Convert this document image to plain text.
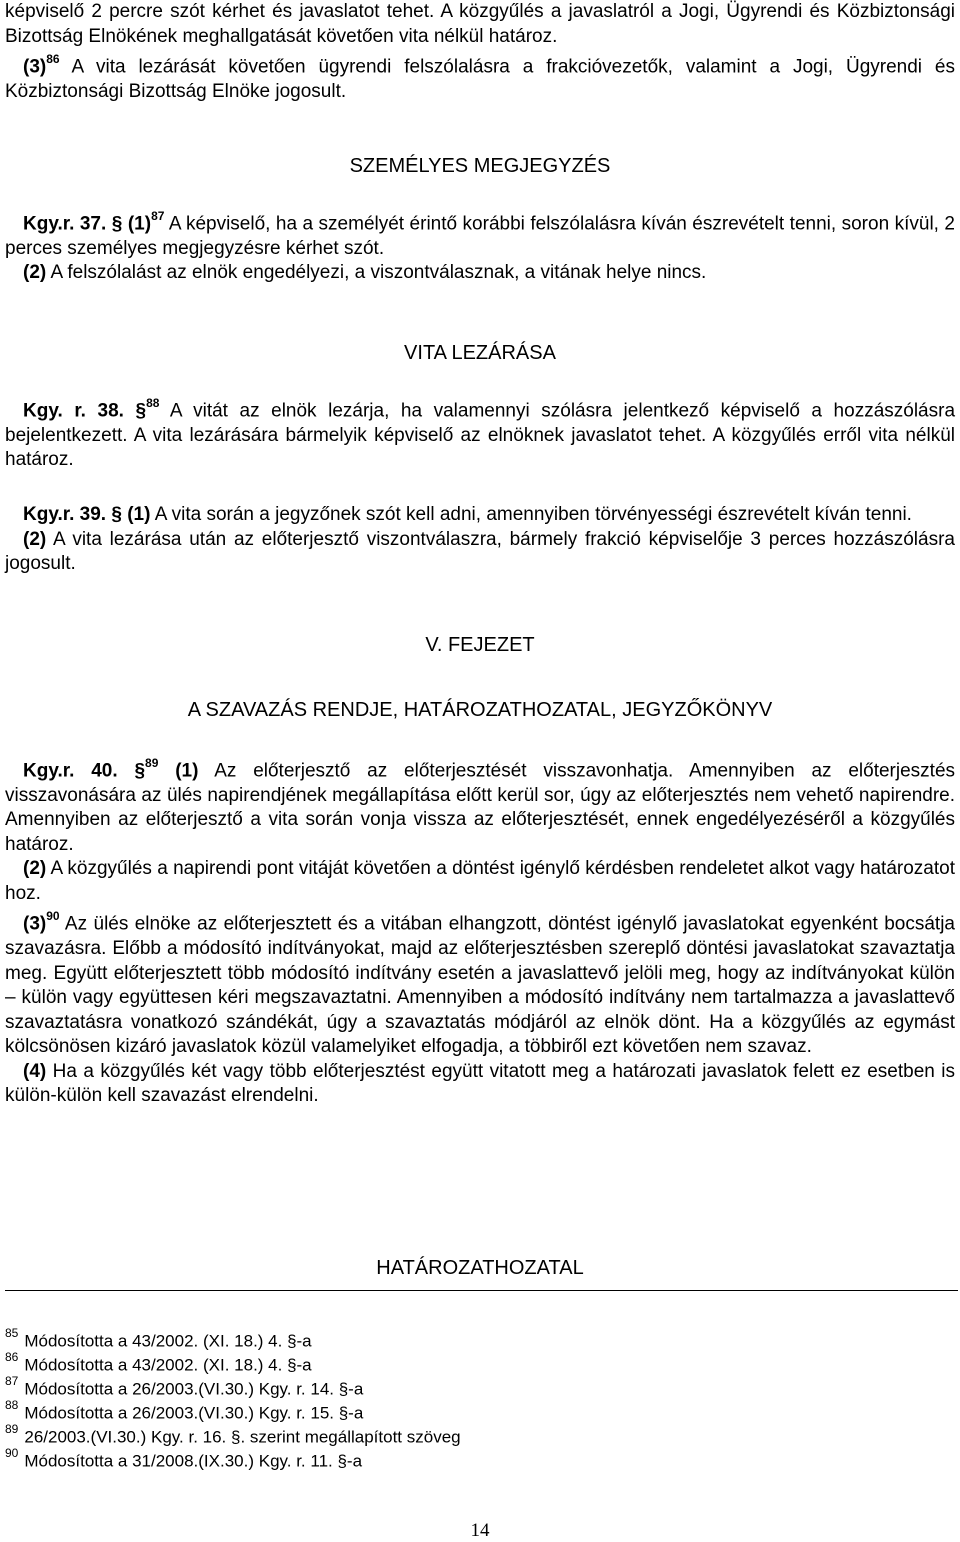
képviselő 2 percre szót kérhet és javaslatot tehet. A közgyűlés a javaslatról a Jogi, Ügyrendi és Közbiztonsági Bizottság Elnökének meghallgatását követően vita nélkül határoz.

$(3)^{86}$ A vita lezárását követően ügyrendi felszólalásra a frakcióvezetők, valamint a Jogi, Ügyrendi és Közbiztonsági Bizottság Elnöke jogosult.

SZEMÉLYES MEGJEGYZÉS

Kgy.r. 37. § $(1)^{87}$ A képviselő, ha a személyét érintő korábbi felszólalásra kíván észrevételt tenni, soron kívül, 2 perces személyes megjegyzésre kérhet szót.

(2) A felszólalást az elnök engedélyezi, a viszontválasznak, a vitának helye nincs.

VITA LEZÁRÁSA

Kgy. r. 38. §$^{88}$ A vitát az elnök lezárja, ha valamennyi szólásra jelentkező képviselő a hozzászólásra bejelentkezett. A vita lezárására bármelyik képviselő az elnöknek javaslatot tehet. A közgyűlés erről vita nélkül határoz.

Kgy.r. 39. § (1) A vita során a jegyzőnek szót kell adni, amennyiben törvényességi észrevételt kíván tenni.

(2) A vita lezárása után az előterjesztő viszontválaszra, bármely frakció képviselője 3 perces hozzászólásra jogosult.

V. FEJEZET
A SZAVAZÁS RENDJE, HATÁROZATHOZATAL, JEGYZŐKÖNYV

Kgy.r. 40. §$^{89}$ (1) Az előterjesztő az előterjesztését visszavonhatja. Amennyiben az előterjesztés visszavonására az ülés napirendjének megállapítása előtt kerül sor, úgy az előterjesztés nem vehető napirendre. Amennyiben az előterjesztő a vita során vonja vissza az előterjesztését, ennek engedélyezéséről a közgyűlés határoz.

(2) A közgyűlés a napirendi pont vitáját követően a döntést igénylő kérdésben rendeletet alkot vagy határozatot hoz.

$(3)^{90}$ Az ülés elnöke az előterjesztett és a vitában elhangzott, döntést igénylő javaslatokat egyenként bocsátja szavazásra. Előbb a módosító indítványokat, majd az előterjesztésben szereplő döntési javaslatokat szavaztatja meg. Együtt előterjesztett több módosító indítvány esetén a javaslattevő jelöli meg, hogy az indítványokat külön – külön vagy együttesen kéri megszavaztatni. Amennyiben a módosító indítvány nem tartalmazza a javaslattevő szavaztatásra vonatkozó szándékát, úgy a szavaztatás módjáról az elnök dönt. Ha a közgyűlés az egymást kölcsönösen kizáró javaslatok közül valamelyiket elfogadja, a többiről ezt követően nem szavaz.

(4) Ha a közgyűlés két vagy több előterjesztést együtt vitatott meg a határozati javaslatok felett ez esetben is külön-külön kell szavazást elrendelni.

HATÁROZATHOZATAL
$^{85}$ Módosította a 43/2002. (XI. 18.) 4. §-a
$^{86}$ Módosította a 43/2002. (XI. 18.) 4. §-a
$^{87}$ Módosította a 26/2003.(VI.30.) Kgy. r. 14. §-a
$^{88}$ Módosította a 26/2003.(VI.30.) Kgy. r. 15. §-a
$^{89}$ 26/2003.(VI.30.) Kgy. r. 16. §. szerint megállapított szöveg
$^{90}$ Módosította a 31/2008.(IX.30.) Kgy. r. 11. §-a
14
